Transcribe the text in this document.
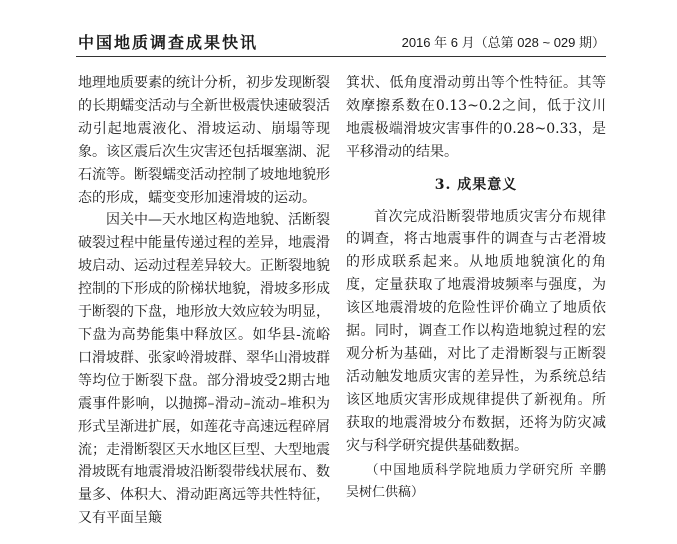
中国地质调查成果快讯	2016 年 6 月（总第 028 ~ 029 期）

地理地质要素的统计分析，初步发现断裂的长期蠕变活动与全新世极震快速破裂活动引起地震液化、滑坡运动、崩塌等现象。该区震后次生灾害还包括堰塞湖、泥石流等。断裂蠕变活动控制了坡地地貌形态的形成，蠕变变形加速滑坡的运动。

因关中—天水地区构造地貌、活断裂破裂过程中能量传递过程的差异，地震滑坡启动、运动过程差异较大。正断裂地貌控制的下形成的阶梯状地貌，滑坡多形成于断裂的下盘，地形放大效应较为明显，下盘为高势能集中释放区。如华县-流峪口滑坡群、张家岭滑坡群、翠华山滑坡群等均位于断裂下盘。部分滑坡受2期古地震事件影响，以抛掷–滑动–流动–堆积为形式呈渐进扩展，如莲花寺高速远程碎屑流；走滑断裂区天水地区巨型、大型地震滑坡既有地震滑坡沿断裂带线状展布、数量多、体积大、滑动距离远等共性特征，又有平面呈簸

箕状、低角度滑动剪出等个性特征。其等效摩擦系数在0.13~0.2之间，低于汶川地震极端滑坡灾害事件的0.28~0.33，是平移滑动的结果。

3. 成果意义

首次完成沿断裂带地质灾害分布规律的调查，将古地震事件的调查与古老滑坡的形成联系起来。从地质地貌演化的角度，定量获取了地震滑坡频率与强度，为该区地震滑坡的危险性评价确立了地质依据。同时，调查工作以构造地貌过程的宏观分析为基础，对比了走滑断裂与正断裂活动触发地质灾害的差异性，为系统总结该区地质灾害形成规律提供了新视角。所获取的地震滑坡分布数据，还将为防灾减灾与科学研究提供基础数据。

（中国地质科学院地质力学研究所 辛鹏 吴树仁供稿）
